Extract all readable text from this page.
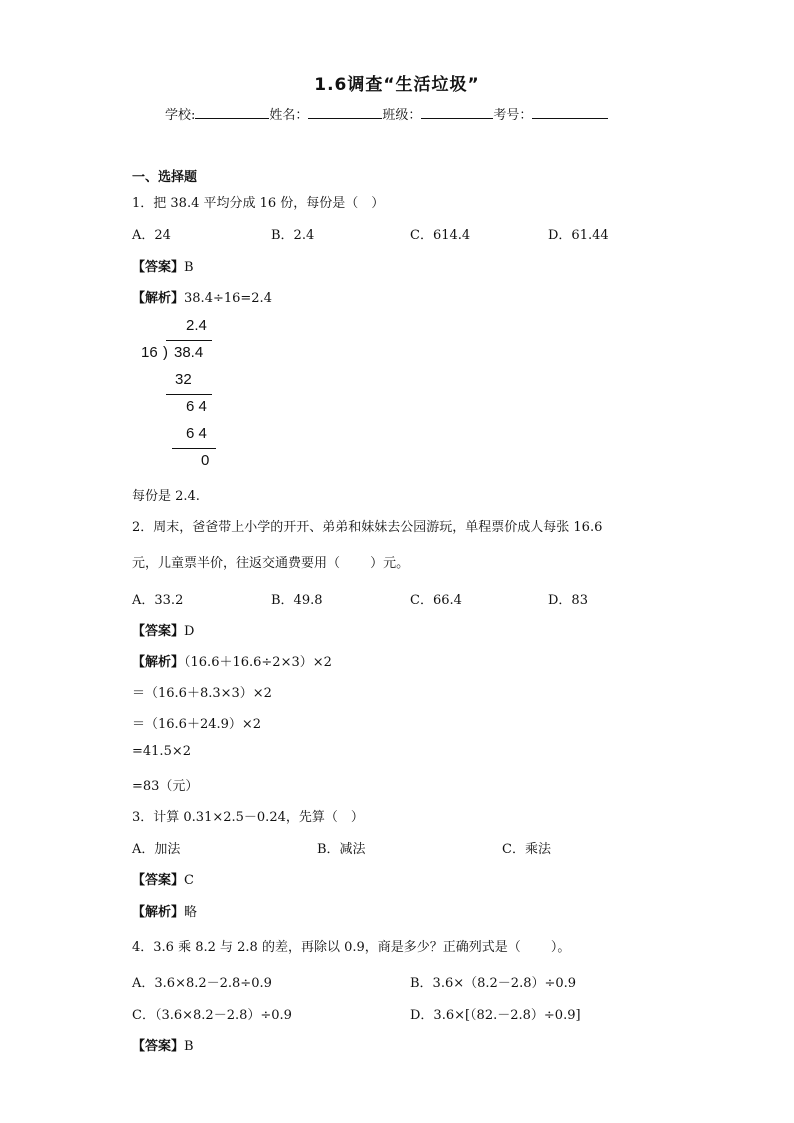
1.6调查“生活垃圾”
学校:	姓名：	班级：	考号：
一、选择题
1．把 38.4 平均分成 16 份，每份是（　）
A．24	B．2.4	C．614.4	D．61.44
【答案】B
【解析】38.4÷16=2.4
2.4
16 ) 38.4
32
6 4
6 4
0
每份是 2.4.
2．周末，爸爸带上小学的开开、弟弟和妹妹去公园游玩，单程票价成人每张 16.6
元，儿童票半价，往返交通费要用（　　 ）元。
A．33.2	B．49.8	C．66.4	D．83
【答案】D
【解析】（16.6＋16.6÷2×3）×2
＝（16.6＋8.3×3）×2
＝（16.6＋24.9）×2
=41.5×2
=83（元）
3．计算 0.31×2.5－0.24，先算（　）
A．加法	B．减法	C．乘法
【答案】C
【解析】略
4．3.6 乘 8.2 与 2.8 的差，再除以 0.9，商是多少？正确列式是（　　 ）。
A．3.6×8.2－2.8÷0.9	B．3.6×（8.2－2.8）÷0.9
C．（3.6×8.2－2.8）÷0.9	D．3.6×[（82.－2.8）÷0.9]
【答案】B
